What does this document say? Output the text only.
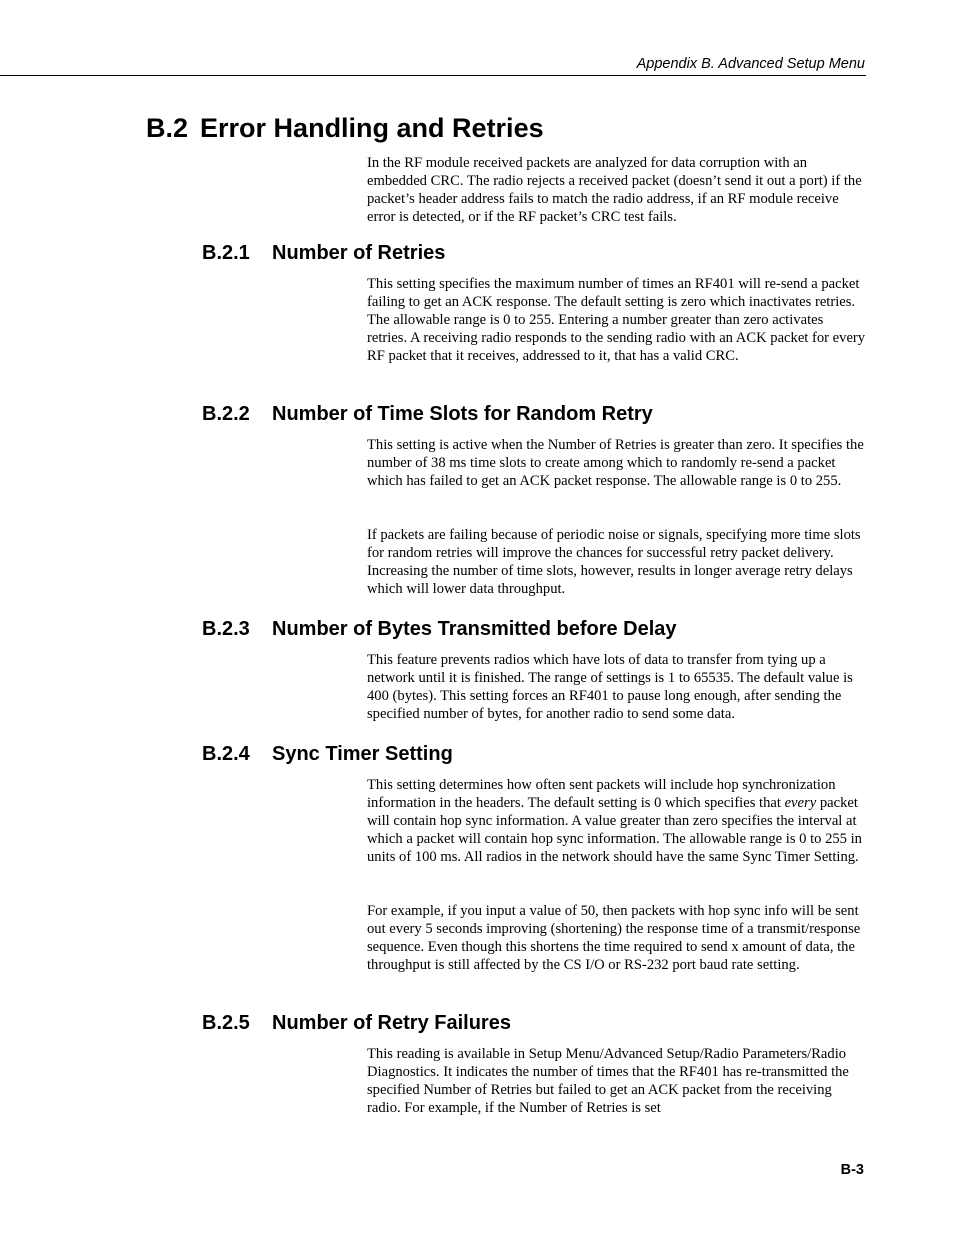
Appendix B. Advanced Setup Menu
B.2 Error Handling and Retries

In the RF module received packets are analyzed for data corruption with an embedded CRC. The radio rejects a received packet (doesn’t send it out a port) if the packet’s header address fails to match the radio address, if an RF module receive error is detected, or if the RF packet’s CRC test fails.

B.2.1 Number of Retries

This setting specifies the maximum number of times an RF401 will re-send a packet failing to get an ACK response. The default setting is zero which inactivates retries. The allowable range is 0 to 255. Entering a number greater than zero activates retries. A receiving radio responds to the sending radio with an ACK packet for every RF packet that it receives, addressed to it, that has a valid CRC.

B.2.2 Number of Time Slots for Random Retry

This setting is active when the Number of Retries is greater than zero. It specifies the number of 38 ms time slots to create among which to randomly re-send a packet which has failed to get an ACK packet response. The allowable range is 0 to 255.

If packets are failing because of periodic noise or signals, specifying more time slots for random retries will improve the chances for successful retry packet delivery. Increasing the number of time slots, however, results in longer average retry delays which will lower data throughput.

B.2.3 Number of Bytes Transmitted before Delay

This feature prevents radios which have lots of data to transfer from tying up a network until it is finished. The range of settings is 1 to 65535. The default value is 400 (bytes). This setting forces an RF401 to pause long enough, after sending the specified number of bytes, for another radio to send some data.

B.2.4 Sync Timer Setting

This setting determines how often sent packets will include hop synchronization information in the headers. The default setting is 0 which specifies that every packet will contain hop sync information. A value greater than zero specifies the interval at which a packet will contain hop sync information. The allowable range is 0 to 255 in units of 100 ms. All radios in the network should have the same Sync Timer Setting.

For example, if you input a value of 50, then packets with hop sync info will be sent out every 5 seconds improving (shortening) the response time of a transmit/response sequence. Even though this shortens the time required to send x amount of data, the throughput is still affected by the CS I/O or RS-232 port baud rate setting.

B.2.5 Number of Retry Failures

This reading is available in Setup Menu/Advanced Setup/Radio Parameters/Radio Diagnostics. It indicates the number of times that the RF401 has re-transmitted the specified Number of Retries but failed to get an ACK packet from the receiving radio. For example, if the Number of Retries is set

B-3
